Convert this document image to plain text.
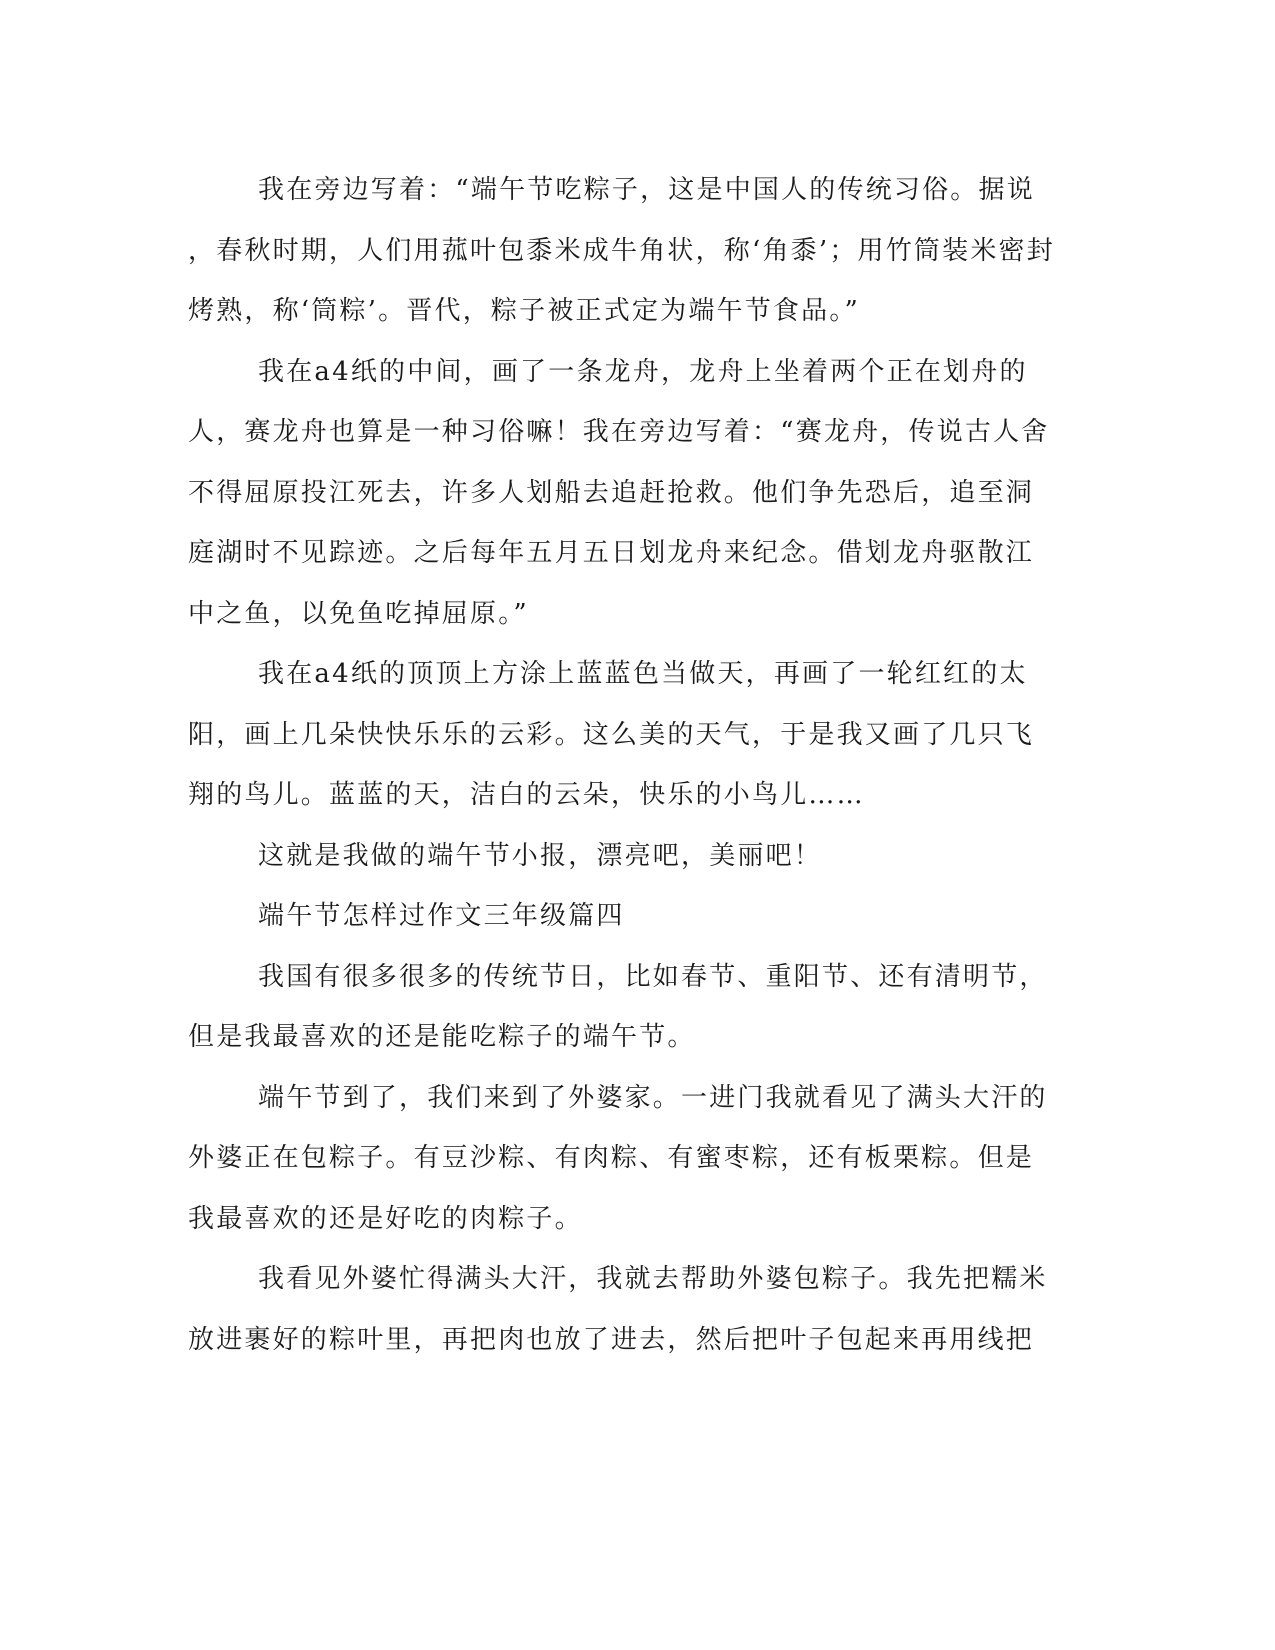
我在旁边写着：“端午节吃粽子，这是中国人的传统习俗。据说
，春秋时期，人们用菰叶包黍米成牛角状，称‘角黍’；用竹筒装米密封
烤熟，称‘筒粽’。晋代，粽子被正式定为端午节食品。”
我在a4纸的中间，画了一条龙舟，龙舟上坐着两个正在划舟的
人，赛龙舟也算是一种习俗嘛！我在旁边写着：“赛龙舟，传说古人舍
不得屈原投江死去，许多人划船去追赶抢救。他们争先恐后，追至洞
庭湖时不见踪迹。之后每年五月五日划龙舟来纪念。借划龙舟驱散江
中之鱼，以免鱼吃掉屈原。”
我在a4纸的顶顶上方涂上蓝蓝色当做天，再画了一轮红红的太
阳，画上几朵快快乐乐的云彩。这么美的天气，于是我又画了几只飞
翔的鸟儿。蓝蓝的天，洁白的云朵，快乐的小鸟儿……
这就是我做的端午节小报，漂亮吧，美丽吧！
端午节怎样过作文三年级篇四
我国有很多很多的传统节日，比如春节、重阳节、还有清明节，
但是我最喜欢的还是能吃粽子的端午节。
端午节到了，我们来到了外婆家。一进门我就看见了满头大汗的
外婆正在包粽子。有豆沙粽、有肉粽、有蜜枣粽，还有板栗粽。但是
我最喜欢的还是好吃的肉粽子。
我看见外婆忙得满头大汗，我就去帮助外婆包粽子。我先把糯米
放进裹好的粽叶里，再把肉也放了进去，然后把叶子包起来再用线把
